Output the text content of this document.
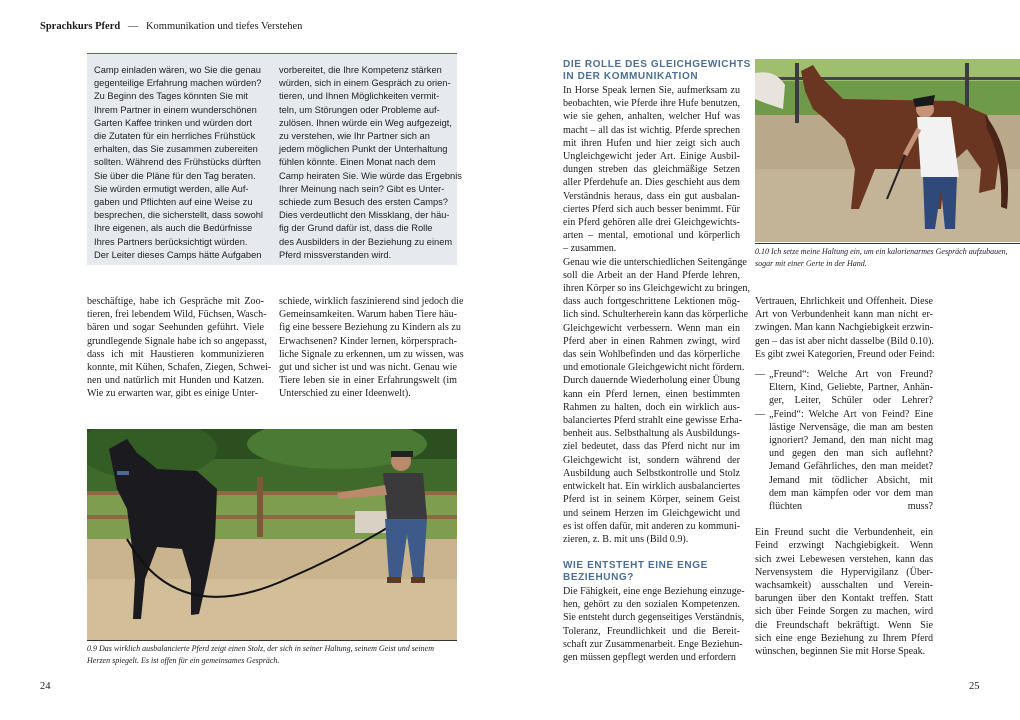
Sprachkurs Pferd — Kommunikation und tiefes Verstehen
Camp einladen wären, wo Sie die genau
gegenteilige Erfahrung machen würden?
Zu Beginn des Tages könnten Sie mit
Ihrem Partner in einem wunderschönen
Garten Kaffee trinken und würden dort
die Zutaten für ein herrliches Frühstück
erhalten, das Sie zusammen zubereiten
sollten. Während des Frühstücks dürften
Sie über die Pläne für den Tag beraten.
Sie würden ermutigt werden, alle Auf-
gaben und Pflichten auf eine Weise zu
besprechen, die sicherstellt, dass sowohl
Ihre eigenen, als auch die Bedürfnisse
Ihres Partners berücksichtigt würden.
Der Leiter dieses Camps hätte Aufgaben
vorbereitet, die Ihre Kompetenz stärken
würden, sich in einem Gespräch zu orien-
tieren, und Ihnen Möglichkeiten vermit-
teln, um Störungen oder Probleme auf-
zulösen. Ihnen würde ein Weg aufgezeigt,
zu verstehen, wie Ihr Partner sich an
jedem möglichen Punkt der Unterhaltung
fühlen könnte. Einen Monat nach dem
Camp heiraten Sie. Wie würde das Ergebnis
Ihrer Meinung nach sein? Gibt es Unter-
schiede zum Besuch des ersten Camps?
Dies verdeutlicht den Missklang, der häu-
fig der Grund dafür ist, dass die Rolle
des Ausbilders in der Beziehung zu einem
Pferd missverstanden wird.
beschäftige, habe ich Gespräche mit Zoo-
tieren, frei lebendem Wild, Füchsen, Wasch-
bären und sogar Seehunden geführt. Viele
grundlegende Signale habe ich so angepasst,
dass ich mit Haustieren kommunizieren
konnte, mit Kühen, Schafen, Ziegen, Schwei-
nen und natürlich mit Hunden und Katzen.
Wie zu erwarten war, gibt es einige Unter-
schiede, wirklich faszinierend sind jedoch die
Gemeinsamkeiten. Warum haben Tiere häu-
fig eine bessere Beziehung zu Kindern als zu
Erwachsenen? Kinder lernen, körpersprach-
liche Signale zu erkennen, um zu wissen, was
gut und sicher ist und was nicht. Genau wie
Tiere leben sie in einer Erfahrungswelt (im
Unterschied zu einer Ideenwelt).
0.9 Das wirklich ausbalancierte Pferd zeigt einen Stolz, der sich in seiner Haltung, seinem Geist und seinem Herzen spiegelt. Es ist offen für ein gemeinsames Gespräch.
24
DIE ROLLE DES GLEICHGEWICHTS
IN DER KOMMUNIKATION
In Horse Speak lernen Sie, aufmerksam zu
beobachten, wie Pferde ihre Hufe benutzen,
wie sie gehen, anhalten, welcher Huf was
macht – all das ist wichtig. Pferde sprechen
mit ihren Hufen und hier zeigt sich auch
Ungleichgewicht jeder Art. Einige Ausbil-
dungen streben das gleichmäßige Setzen
aller Pferdehufe an. Dies geschieht aus dem
Verständnis heraus, dass ein gut ausbalan-
ciertes Pferd sich auch besser benimmt. Für
ein Pferd gehören alle drei Gleichgewichts-
arten – mental, emotional und körperlich
– zusammen.
Genau wie die unterschiedlichen Seitengänge
soll die Arbeit an der Hand Pferde lehren,
ihren Körper so ins Gleichgewicht zu bringen,
dass auch fortgeschrittene Lektionen mög-
lich sind. Schulterherein kann das körperliche
Gleichgewicht verbessern. Wenn man ein
Pferd aber in einen Rahmen zwingt, wird
das sein Wohlbefinden und das körperliche
und emotionale Gleichgewicht nicht fördern.
Durch dauernde Wiederholung einer Übung
kann ein Pferd lernen, einen bestimmten
Rahmen zu halten, doch ein wirklich aus-
balanciertes Pferd strahlt eine gewisse Erha-
benheit aus. Selbsthaltung als Ausbildungs-
ziel bedeutet, dass das Pferd nicht nur im
Gleichgewicht ist, sondern während der
Ausbildung auch Selbstkontrolle und Stolz
entwickelt hat. Ein wirklich ausbalanciertes
Pferd ist in seinem Körper, seinem Geist
und seinem Herzen im Gleichgewicht und
es ist offen dafür, mit anderen zu kommuni-
zieren, z. B. mit uns (Bild 0.9).
WIE ENTSTEHT EINE ENGE
BEZIEHUNG?
Die Fähigkeit, eine enge Beziehung einzuge-
hen, gehört zu den sozialen Kompetenzen.
Sie entsteht durch gegenseitiges Verständnis,
Toleranz, Freundlichkeit und die Bereit-
schaft zur Zusammenarbeit. Enge Beziehun-
gen müssen gepflegt werden und erfordern
0.10 Ich setze meine Haltung ein, um ein kalorienarmes Gespräch aufzubauen, sogar mit einer Gerte in der Hand.
Vertrauen, Ehrlichkeit und Offenheit. Diese
Art von Verbundenheit kann man nicht er-
zwingen. Man kann Nachgiebigkeit erzwin-
gen – das ist aber nicht dasselbe (Bild 0.10).
Es gibt zwei Kategorien, Freund oder Feind:
— „Freund“: Welche Art von Freund?
Eltern, Kind, Geliebte, Partner, Anhän-
ger, Leiter, Schüler oder Lehrer?
— „Feind“: Welche Art von Feind? Eine
lästige Nervensäge, die man am besten
ignoriert? Jemand, den man nicht mag
und gegen den man sich auflehnt?
Jemand Gefährliches, den man meidet?
Jemand mit tödlicher Absicht, mit
dem man kämpfen oder vor dem man
flüchten muss?
Ein Freund sucht die Verbundenheit, ein
Feind erzwingt Nachgiebigkeit. Wenn
sich zwei Lebewesen verstehen, kann das
Nervensystem die Hypervigilanz (Über-
wachsamkeit) ausschalten und Verein-
barungen über den Kontakt treffen. Statt
sich über Feinde Sorgen zu machen, wird
die Freundschaft bekräftigt. Wenn Sie
sich eine enge Beziehung zu Ihrem Pferd
wünschen, beginnen Sie mit Horse Speak.
25
